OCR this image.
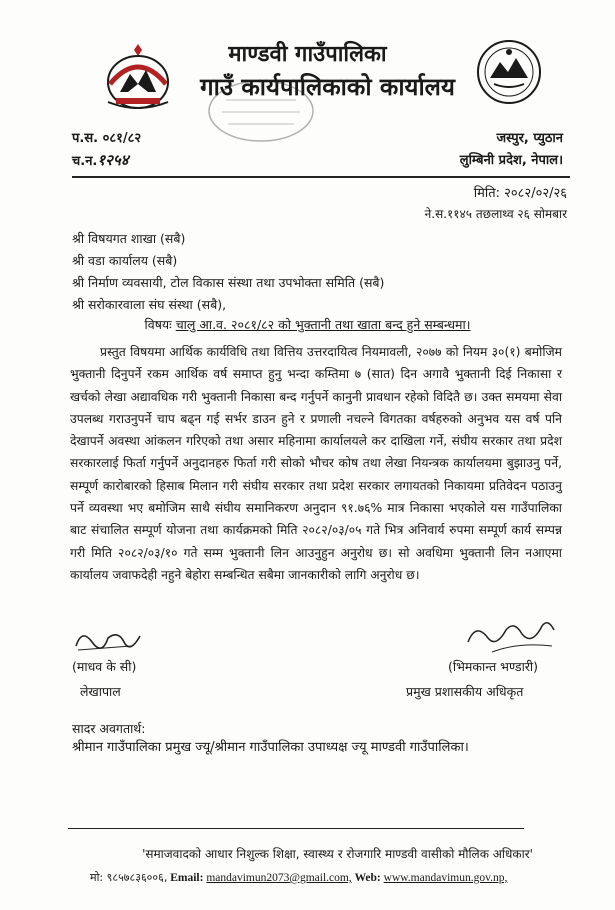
माण्डवी गाउँपालिका
गाउँ कार्यपालिकाको कार्यालय
प.स. ०८१/८२
च.न.१२५४
जस्पुर, प्युठान
लुम्बिनी प्रदेश, नेपाल।
मिति: २०८२/०२/२६
ने.स.११४५ तछलाथ्व २६ सोमबार
श्री विषयगत शाखा (सबै)
श्री वडा कार्यालय (सबै)
श्री निर्माण व्यवसायी, टोल विकास संस्था तथा उपभोक्ता समिति (सबै)
श्री सरोकारवाला संघ संस्था (सबै),
विषयः चालु आ.व. २०८१/८२ को भुक्तानी तथा खाता बन्द हुने सम्बन्धमा।
प्रस्तुत विषयमा आर्थिक कार्यविधि तथा वित्तिय उत्तरदायित्व नियमावली, २०७७ को नियम ३०(१) बमोजिम भुक्तानी दिनुपर्ने रकम आर्थिक वर्ष समाप्त हुनु भन्दा कम्तिमा ७ (सात) दिन अगावै भुक्तानी दिई निकासा र खर्चको लेखा अद्यावधिक गरी भुक्तानी निकासा बन्द गर्नुपर्ने कानुनी प्रावधान रहेको विदितै छ। उक्त समयमा सेवा उपलब्ध गराउनुपर्ने चाप बढ्न गई सर्भर डाउन हुने र प्रणाली नचल्ने विगतका वर्षहरुको अनुभव यस वर्ष पनि देखापर्ने अवस्था आंकलन गरिएको तथा असार महिनामा कार्यालयले कर दाखिला गर्ने, संघीय सरकार तथा प्रदेश सरकारलाई फिर्ता गर्नुपर्ने अनुदानहरु फिर्ता गरी सोको भौचर कोष तथा लेखा नियन्त्रक कार्यालयमा बुझाउनु पर्ने, सम्पूर्ण कारोबारको हिसाब मिलान गरी संघीय सरकार तथा प्रदेश सरकार लगायतको निकायमा प्रतिवेदन पठाउनु पर्ने व्यवस्था भए बमोजिम साथै संघीय समानिकरण अनुदान ९१.७६% मात्र निकासा भएकोले यस गाउँपालिका बाट संचालित सम्पूर्ण योजना तथा कार्यक्रमको मिति २०८२/०३/०५ गते भित्र अनिवार्य रुपमा सम्पूर्ण कार्य सम्पन्न गरी मिति २०८२/०३/१० गते सम्म भुक्तानी लिन आउनुहुन अनुरोध छ। सो अवधिमा भुक्तानी लिन नआएमा कार्यालय जवाफदेही नहुने बेहोरा सम्बन्धित सबैमा जानकारीको लागि अनुरोध छ।
(माधव के सी)
लेखापाल
(भिमकान्त भण्डारी)
प्रमुख प्रशासकीय अधिकृत
सादर अवगतार्थ:
श्रीमान गाउँपालिका प्रमुख ज्यू/श्रीमान गाउँपालिका उपाध्यक्ष ज्यू माण्डवी गाउँपालिका।
'समाजवादको आधार निशुल्क शिक्षा, स्वास्थ्य र रोजगारि माण्डवी वासीको मौलिक अधिकार'
मो: ९८५७८३६००६, Email: mandavimun2073@gmail.com, Web: www.mandavimun.gov.np,
